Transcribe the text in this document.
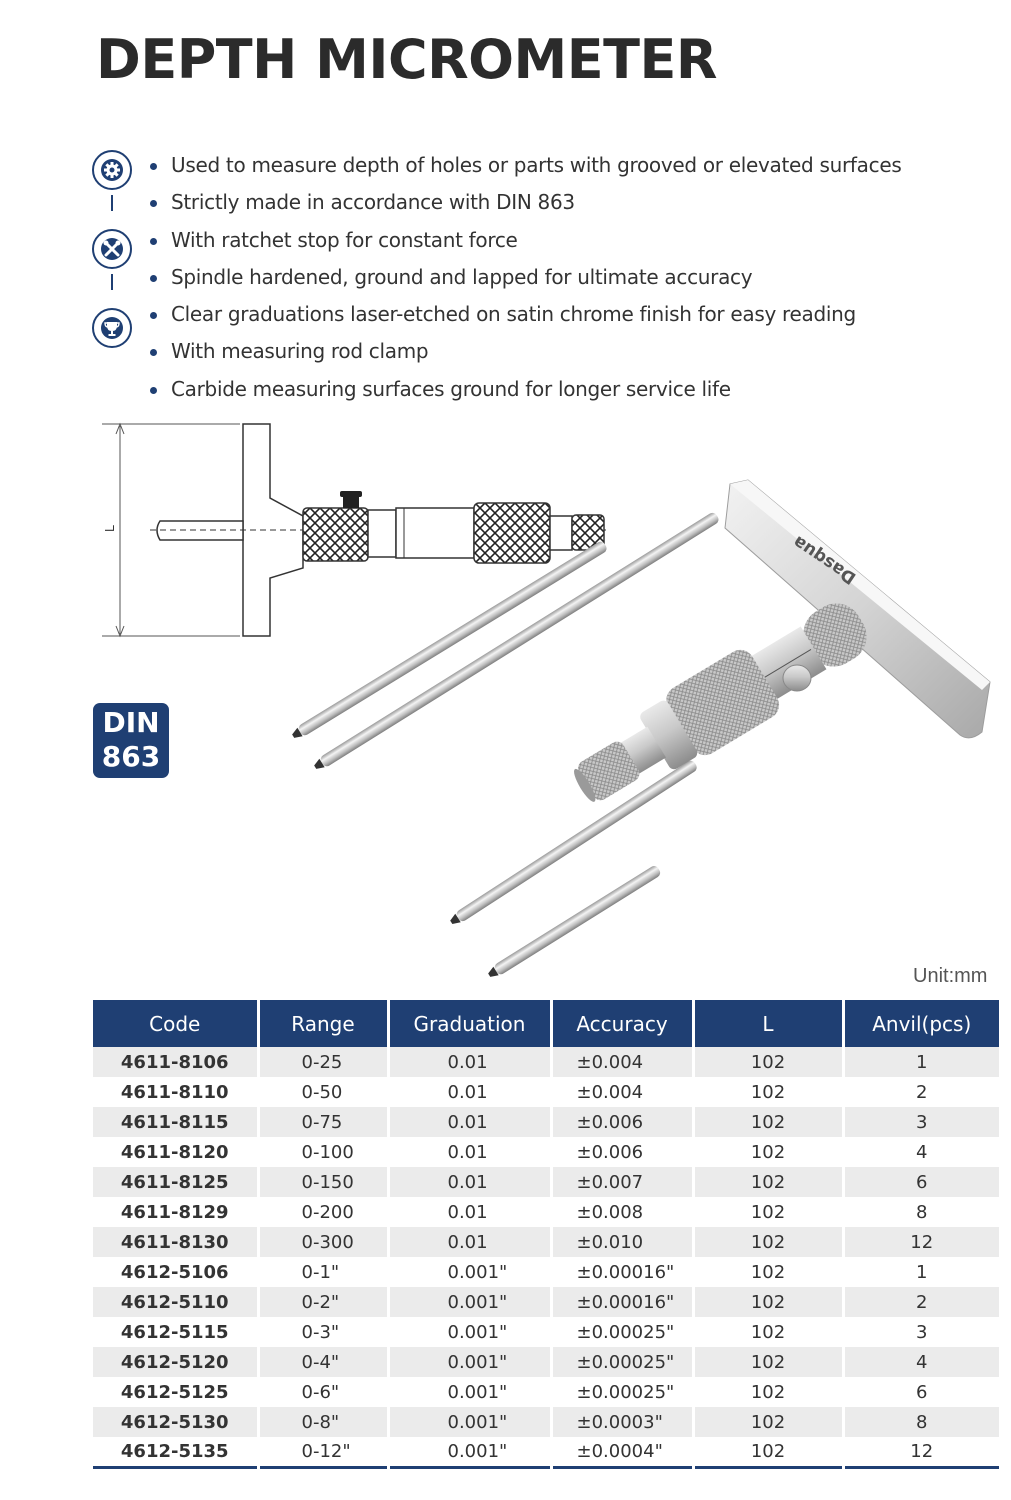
DEPTH MICROMETER
Used to measure depth of holes or parts with grooved or elevated surfaces
Strictly made in accordance with DIN 863
With ratchet stop for constant force
Spindle hardened, ground and lapped for ultimate accuracy
Clear graduations laser-etched on satin chrome finish for easy reading
With measuring rod clamp
Carbide measuring surfaces ground for longer service life
L
Dasqua
DIN
863
Unit:mm
Code	Range	Graduation	Accuracy	L	Anvil(pcs)
4611-8106	0-25	0.01	±0.004	102	1
4611-8110	0-50	0.01	±0.004	102	2
4611-8115	0-75	0.01	±0.006	102	3
4611-8120	0-100	0.01	±0.006	102	4
4611-8125	0-150	0.01	±0.007	102	6
4611-8129	0-200	0.01	±0.008	102	8
4611-8130	0-300	0.01	±0.010	102	12
4612-5106	0-1"	0.001"	±0.00016"	102	1
4612-5110	0-2"	0.001"	±0.00016"	102	2
4612-5115	0-3"	0.001"	±0.00025"	102	3
4612-5120	0-4"	0.001"	±0.00025"	102	4
4612-5125	0-6"	0.001"	±0.00025"	102	6
4612-5130	0-8"	0.001"	±0.0003"	102	8
4612-5135	0-12"	0.001"	±0.0004"	102	12
